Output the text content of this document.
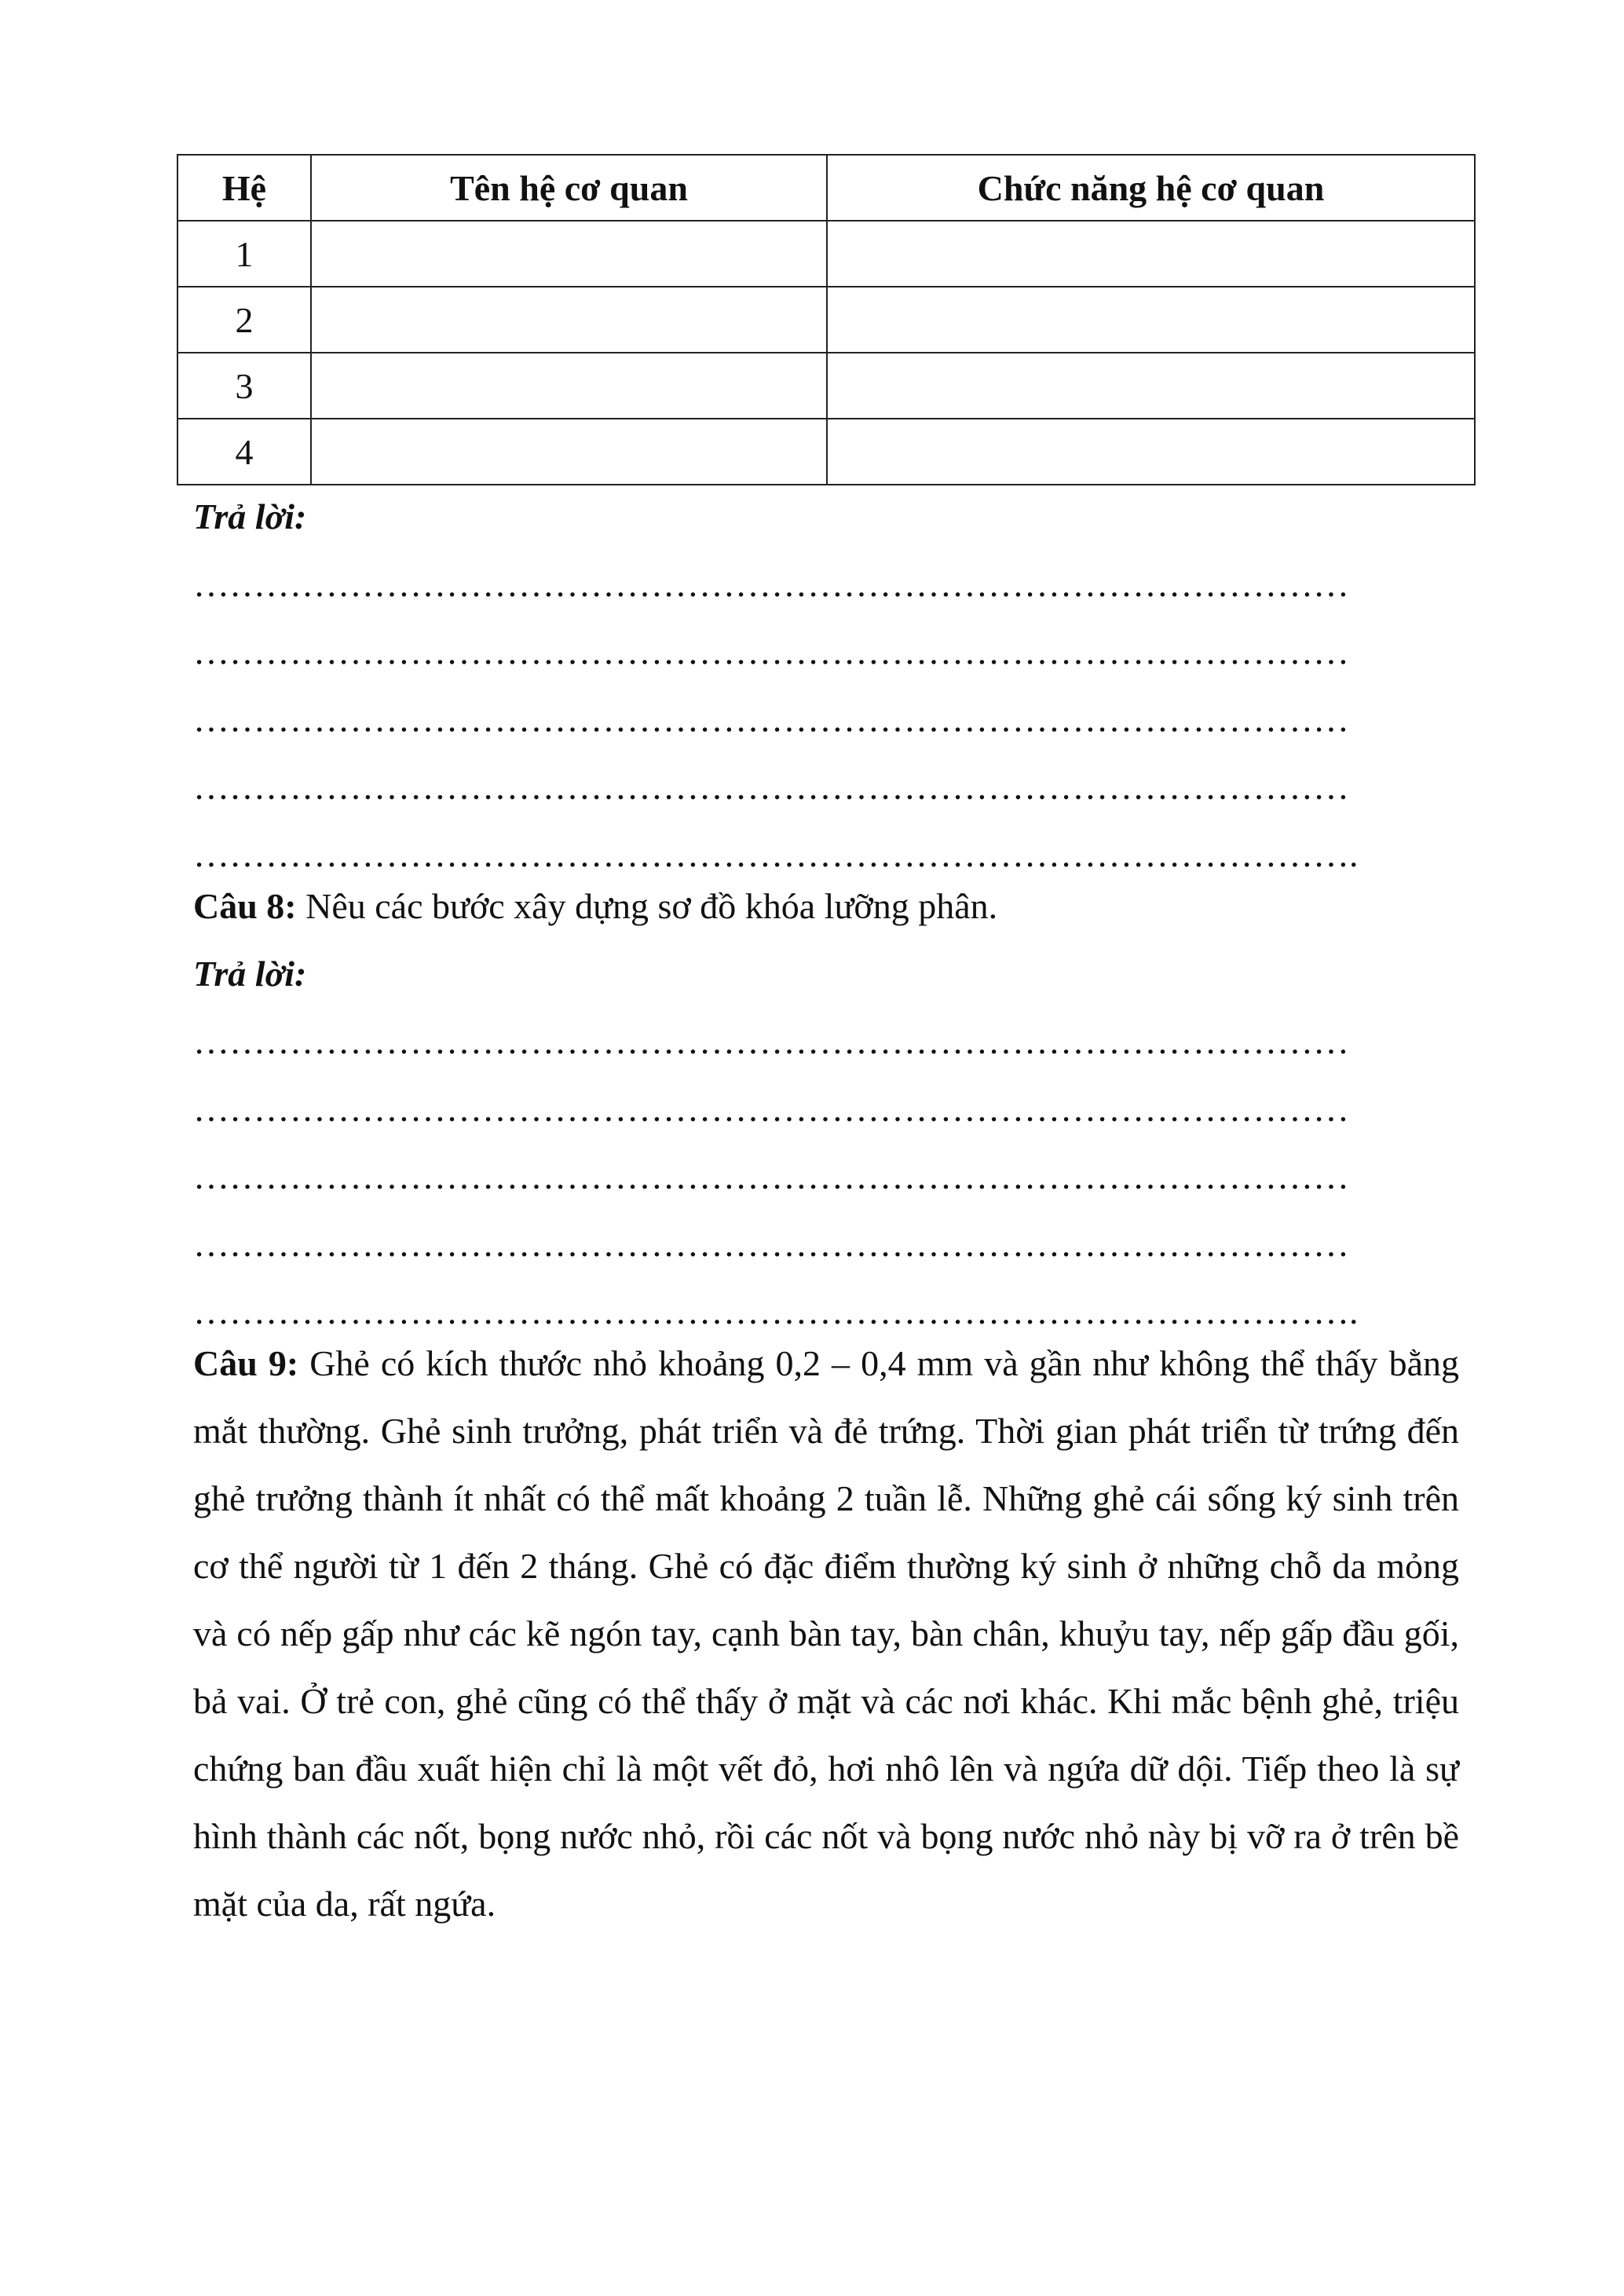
Hệ	Tên hệ cơ quan	Chức năng hệ cơ quan
1		
2		
3		
4		
Trả lời:
……………………………………………………………………………………
……………………………………………………………………………………
……………………………………………………………………………………
……………………………………………………………………………………
…………………………………………………………………………………….
Câu 8: Nêu các bước xây dựng sơ đồ khóa lưỡng phân.
Trả lời:
……………………………………………………………………………………
……………………………………………………………………………………
……………………………………………………………………………………
……………………………………………………………………………………
…………………………………………………………………………………….
Câu 9: Ghẻ có kích thước nhỏ khoảng 0,2 – 0,4 mm và gần như không thể thấy bằng mắt thường. Ghẻ sinh trưởng, phát triển và đẻ trứng. Thời gian phát triển từ trứng đến ghẻ trưởng thành ít nhất có thể mất khoảng 2 tuần lễ. Những ghẻ cái sống ký sinh trên cơ thể người từ 1 đến 2 tháng. Ghẻ có đặc điểm thường ký sinh ở những chỗ da mỏng và có nếp gấp như các kẽ ngón tay, cạnh bàn tay, bàn chân, khuỷu tay, nếp gấp đầu gối, bả vai. Ở trẻ con, ghẻ cũng có thể thấy ở mặt và các nơi khác. Khi mắc bệnh ghẻ, triệu chứng ban đầu xuất hiện chỉ là một vết đỏ, hơi nhô lên và ngứa dữ dội. Tiếp theo là sự hình thành các nốt, bọng nước nhỏ, rồi các nốt và bọng nước nhỏ này bị vỡ ra ở trên bề mặt của da, rất ngứa.
